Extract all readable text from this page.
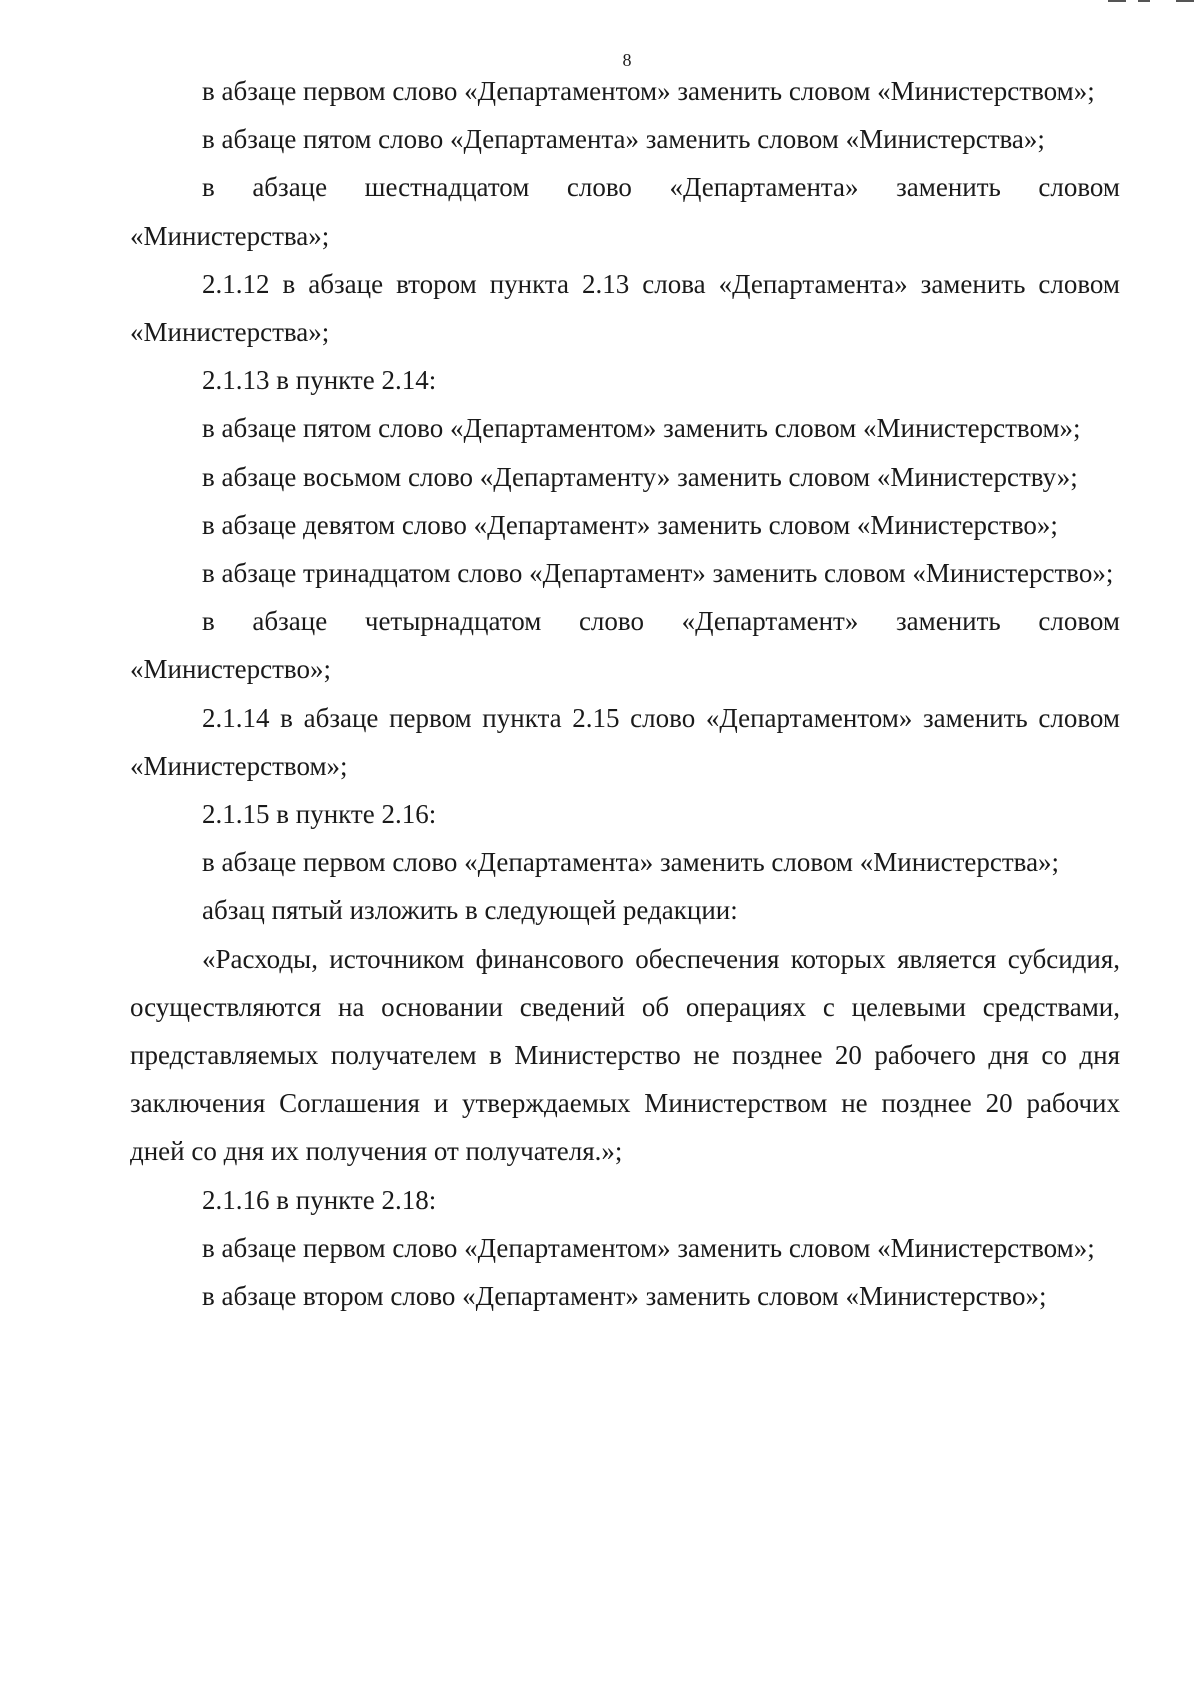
8

в абзаце первом слово «Департаментом» заменить словом «Министерством»;

в абзаце пятом слово «Департамента» заменить словом «Министерства»;

в абзаце шестнадцатом слово «Департамента» заменить словом «Министерства»;

2.1.12 в абзаце втором пункта 2.13 слова «Департамента» заменить словом «Министерства»;

2.1.13 в пункте 2.14:

в абзаце пятом слово «Департаментом» заменить словом «Министерством»;

в абзаце восьмом слово «Департаменту» заменить словом «Министерству»;

в абзаце девятом слово «Департамент» заменить словом «Министерство»;

в абзаце тринадцатом слово «Департамент» заменить словом «Министерство»;

в абзаце четырнадцатом слово «Департамент» заменить словом «Министерство»;

2.1.14 в абзаце первом пункта 2.15 слово «Департаментом» заменить словом «Министерством»;

2.1.15 в пункте 2.16:

в абзаце первом слово «Департамента» заменить словом «Министерства»;

абзац пятый изложить в следующей редакции:

«Расходы, источником финансового обеспечения которых является субсидия, осуществляются на основании сведений об операциях с целевыми средствами, представляемых получателем в Министерство не позднее 20 рабочего дня со дня заключения Соглашения и утверждаемых Министерством не позднее 20 рабочих дней со дня их получения от получателя.»;

2.1.16 в пункте 2.18:

в абзаце первом слово «Департаментом» заменить словом «Министерством»;

в абзаце втором слово «Департамент» заменить словом «Министерство»;
